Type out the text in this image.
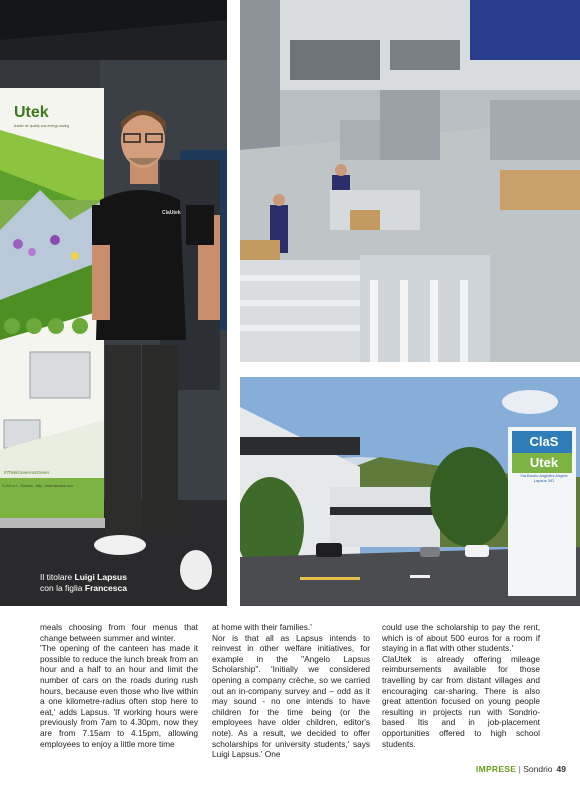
Utek
leader air quality and energy saving
#ThinkGreenActGreen
CLAS s.r.l. - Sondrio - Italy - www.clasutek.com
ClaUtek
Il titolare Luigi Lapsus
con la figlia Francesca
ClaS
Utek
Via Brusio Angiolini Angelo Lapsus 3/D

meals choosing from four menus that change between summer and winter.

'The opening of the canteen has made it possible to reduce the lunch break from an hour and a half to an hour and limit the number of cars on the roads during rush hours, because even those who live within a one kilometre-radius often stop here to eat,' adds Lapsus. 'If working hours were previously from 7am to 4.30pm, now they are from 7.15am to 4.15pm, allowing employees to enjoy a little more time

at home with their families.'

Nor is that all as Lapsus intends to reinvest in other welfare initiatives, for example in the "Angelo Lapsus Scholarship". 'Initially we considered opening a company crèche, so we carried out an in-company survey and – odd as it may sound - no one intends to have children for the time being (or the employees have older children, editor's note). As a result, we decided to offer scholarships for university students,' says Luigi Lapsus.' One

could use the scholarship to pay the rent, which is of about 500 euros for a room if staying in a flat with other students.'

ClaUtek is already offering mileage reimbursements available for those travelling by car from distant villages and encouraging car-sharing. There is also great attention focused on young people resulting in projects run with Sondrio-based Itis and in job-placement opportunities offered to high school students.

IMPRESE | Sondrio 49
